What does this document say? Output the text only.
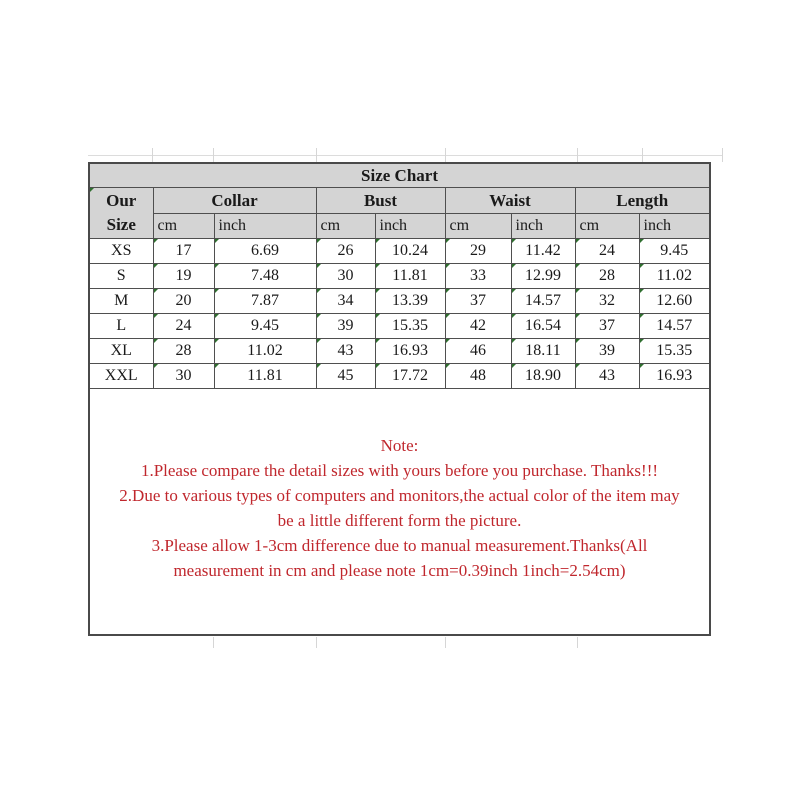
Size Chart								

Our
Size	Collar		Bust		Waist		Length	
	cm	inch	cm	inch	cm	inch	cm	inch
XS	17	6.69	26	10.24	29	11.42	24	9.45
S	19	7.48	30	11.81	33	12.99	28	11.02
M	20	7.87	34	13.39	37	14.57	32	12.60
L	24	9.45	39	15.35	42	16.54	37	14.57
XL	28	11.02	43	16.93	46	18.11	39	15.35
XXL	30	11.81	45	17.72	48	18.90	43	16.93
Note:
1.Please compare the detail sizes with yours before you purchase. Thanks!!!
2.Due to various types of computers and monitors,the actual color of the item may
be a little different form the picture.
3.Please allow 1-3cm difference due to manual measurement.Thanks(All
measurement in cm and please note 1cm=0.39inch 1inch=2.54cm)
